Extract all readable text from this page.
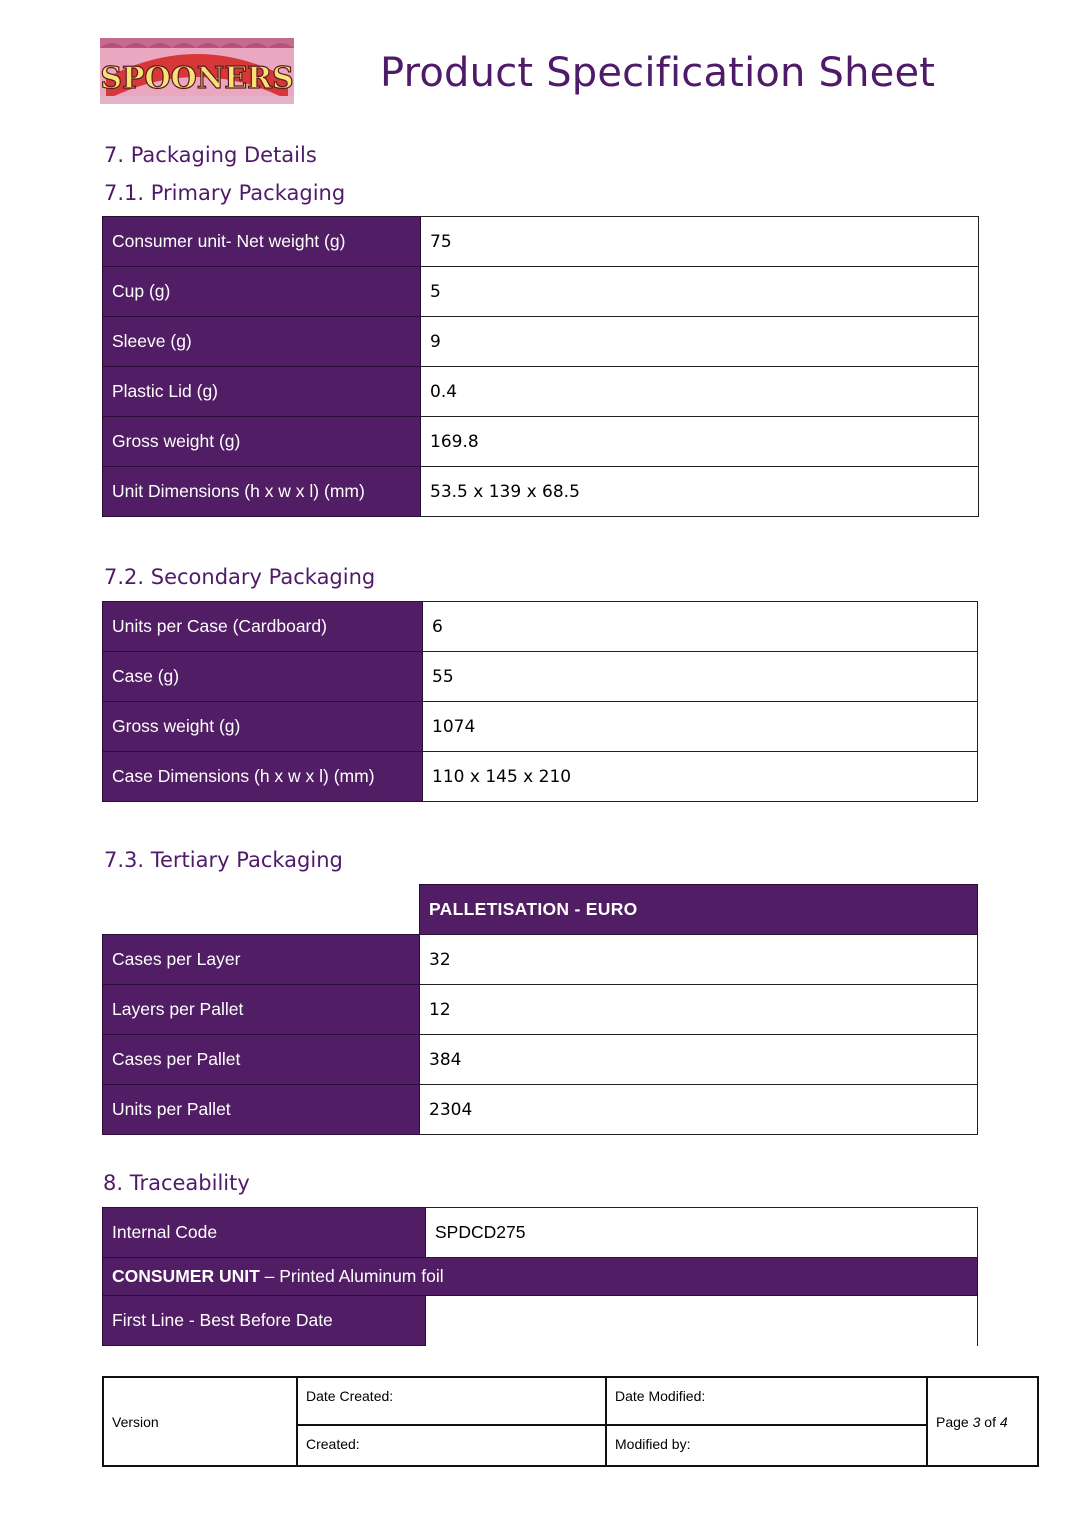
SPOONERS Product Specification Sheet
7. Packaging Details
7.1. Primary Packaging
Consumer unit- Net weight (g)	75
Cup (g)	5
Sleeve (g)	9
Plastic Lid (g)	0.4
Gross weight (g)	169.8
Unit Dimensions (h x w x l) (mm)	53.5 x 139 x 68.5
7.2. Secondary Packaging
Units per Case (Cardboard)	6
Case (g)	55
Gross weight (g)	1074
Case Dimensions (h x w x l) (mm)	110 x 145 x 210
7.3. Tertiary Packaging
	PALLETISATION - EURO
Cases per Layer	32
Layers per Pallet	12
Cases per Pallet	384
Units per Pallet	2304
8. Traceability
Internal Code	SPDCD275
CONSUMER UNIT – Printed Aluminum foil	
First Line - Best Before Date	
Version	Date Created:	Date Modified:	Page 3 of 4

	Created:	Modified by:	
